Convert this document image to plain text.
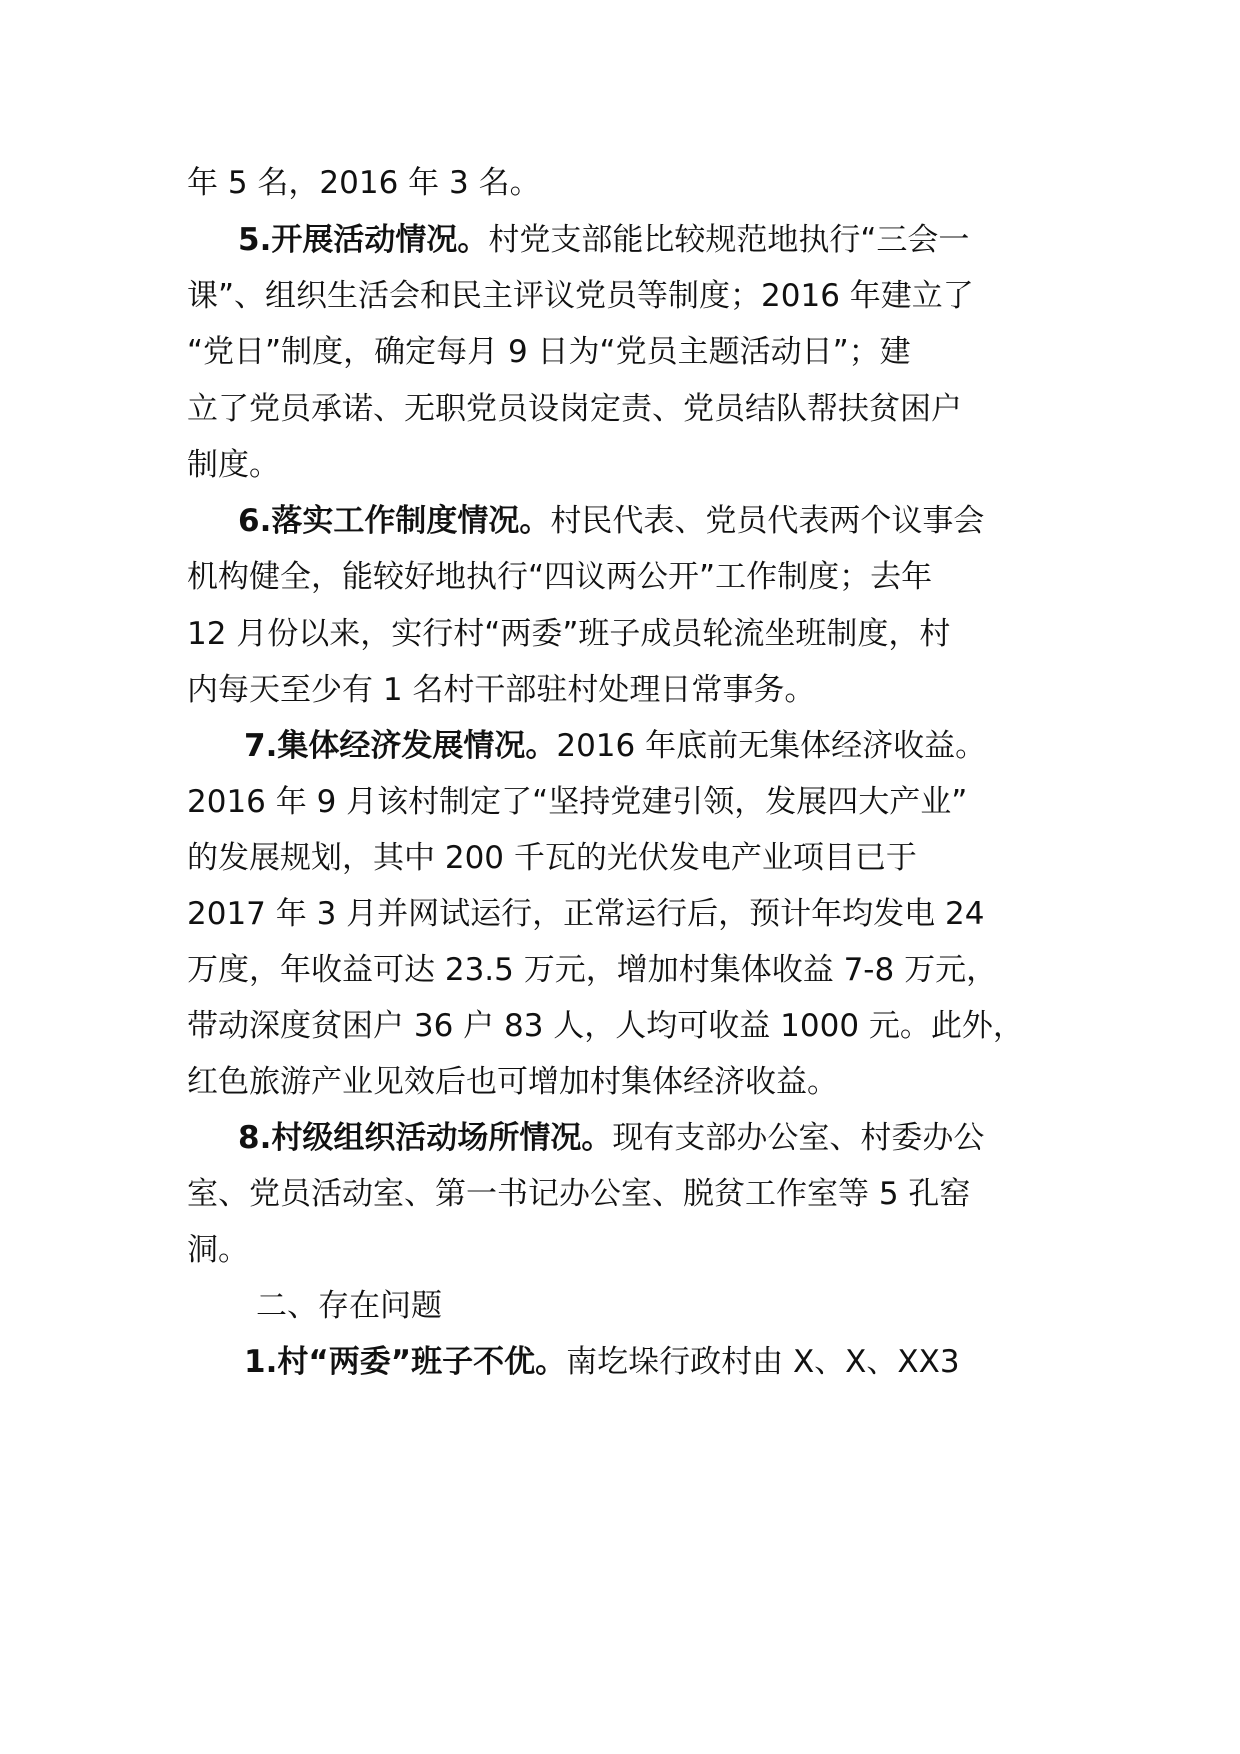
年 5 名，2016 年 3 名。
5.开展活动情况。村党支部能比较规范地执行“三会一
课”、组织生活会和民主评议党员等制度；2016 年建立了
“党日”制度，确定每月 9 日为“党员主题活动日”；建
立了党员承诺、无职党员设岗定责、党员结队帮扶贫困户
制度。
6.落实工作制度情况。村民代表、党员代表两个议事会
机构健全，能较好地执行“四议两公开”工作制度；去年
12 月份以来，实行村“两委”班子成员轮流坐班制度，村
内每天至少有 1 名村干部驻村处理日常事务。
7.集体经济发展情况。2016 年底前无集体经济收益。
2016 年 9 月该村制定了“坚持党建引领，发展四大产业”
的发展规划，其中 200 千瓦的光伏发电产业项目已于
2017 年 3 月并网试运行，正常运行后，预计年均发电 24
万度，年收益可达 23.5 万元，增加村集体收益 7-8 万元，
带动深度贫困户 36 户 83 人，人均可收益 1000 元。此外，
红色旅游产业见效后也可增加村集体经济收益。
8.村级组织活动场所情况。现有支部办公室、村委办公
室、党员活动室、第一书记办公室、脱贫工作室等 5 孔窑
洞。
二、存在问题
1.村“两委”班子不优。南圪垛行政村由 X、X、XX3
